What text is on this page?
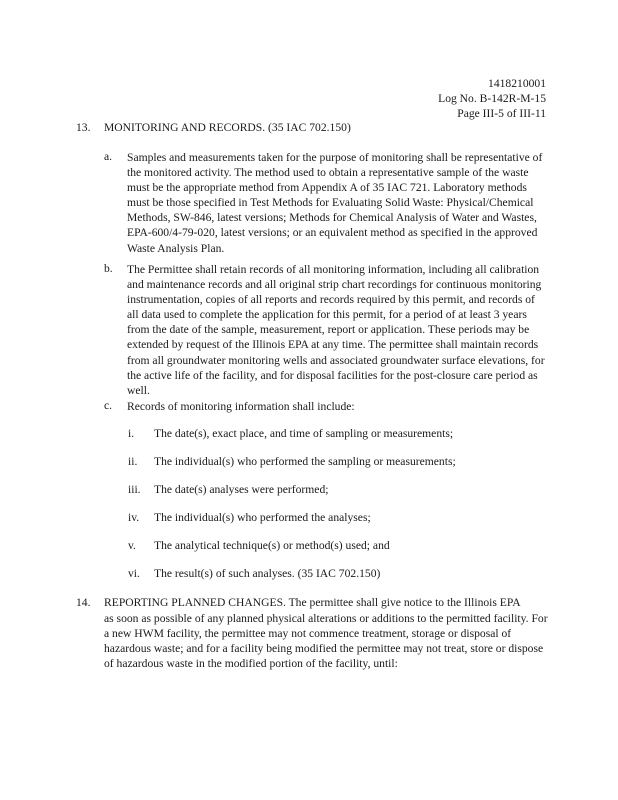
1418210001
Log No. B-142R-M-15
Page III-5 of III-11
13. MONITORING AND RECORDS. (35 IAC 702.150)
a. Samples and measurements taken for the purpose of monitoring shall be representative of the monitored activity. The method used to obtain a representative sample of the waste must be the appropriate method from Appendix A of 35 IAC 721. Laboratory methods must be those specified in Test Methods for Evaluating Solid Waste: Physical/Chemical Methods, SW-846, latest versions; Methods for Chemical Analysis of Water and Wastes, EPA-600/4-79-020, latest versions; or an equivalent method as specified in the approved Waste Analysis Plan.
b. The Permittee shall retain records of all monitoring information, including all calibration and maintenance records and all original strip chart recordings for continuous monitoring instrumentation, copies of all reports and records required by this permit, and records of all data used to complete the application for this permit, for a period of at least 3 years from the date of the sample, measurement, report or application. These periods may be extended by request of the Illinois EPA at any time. The permittee shall maintain records from all groundwater monitoring wells and associated groundwater surface elevations, for the active life of the facility, and for disposal facilities for the post-closure care period as well.
c. Records of monitoring information shall include:
i. The date(s), exact place, and time of sampling or measurements;
ii. The individual(s) who performed the sampling or measurements;
iii. The date(s) analyses were performed;
iv. The individual(s) who performed the analyses;
v. The analytical technique(s) or method(s) used; and
vi. The result(s) of such analyses. (35 IAC 702.150)
14. REPORTING PLANNED CHANGES. The permittee shall give notice to the Illinois EPA
as soon as possible of any planned physical alterations or additions to the permitted facility. For a new HWM facility, the permittee may not commence treatment, storage or disposal of hazardous waste; and for a facility being modified the permittee may not treat, store or dispose of hazardous waste in the modified portion of the facility, until:
